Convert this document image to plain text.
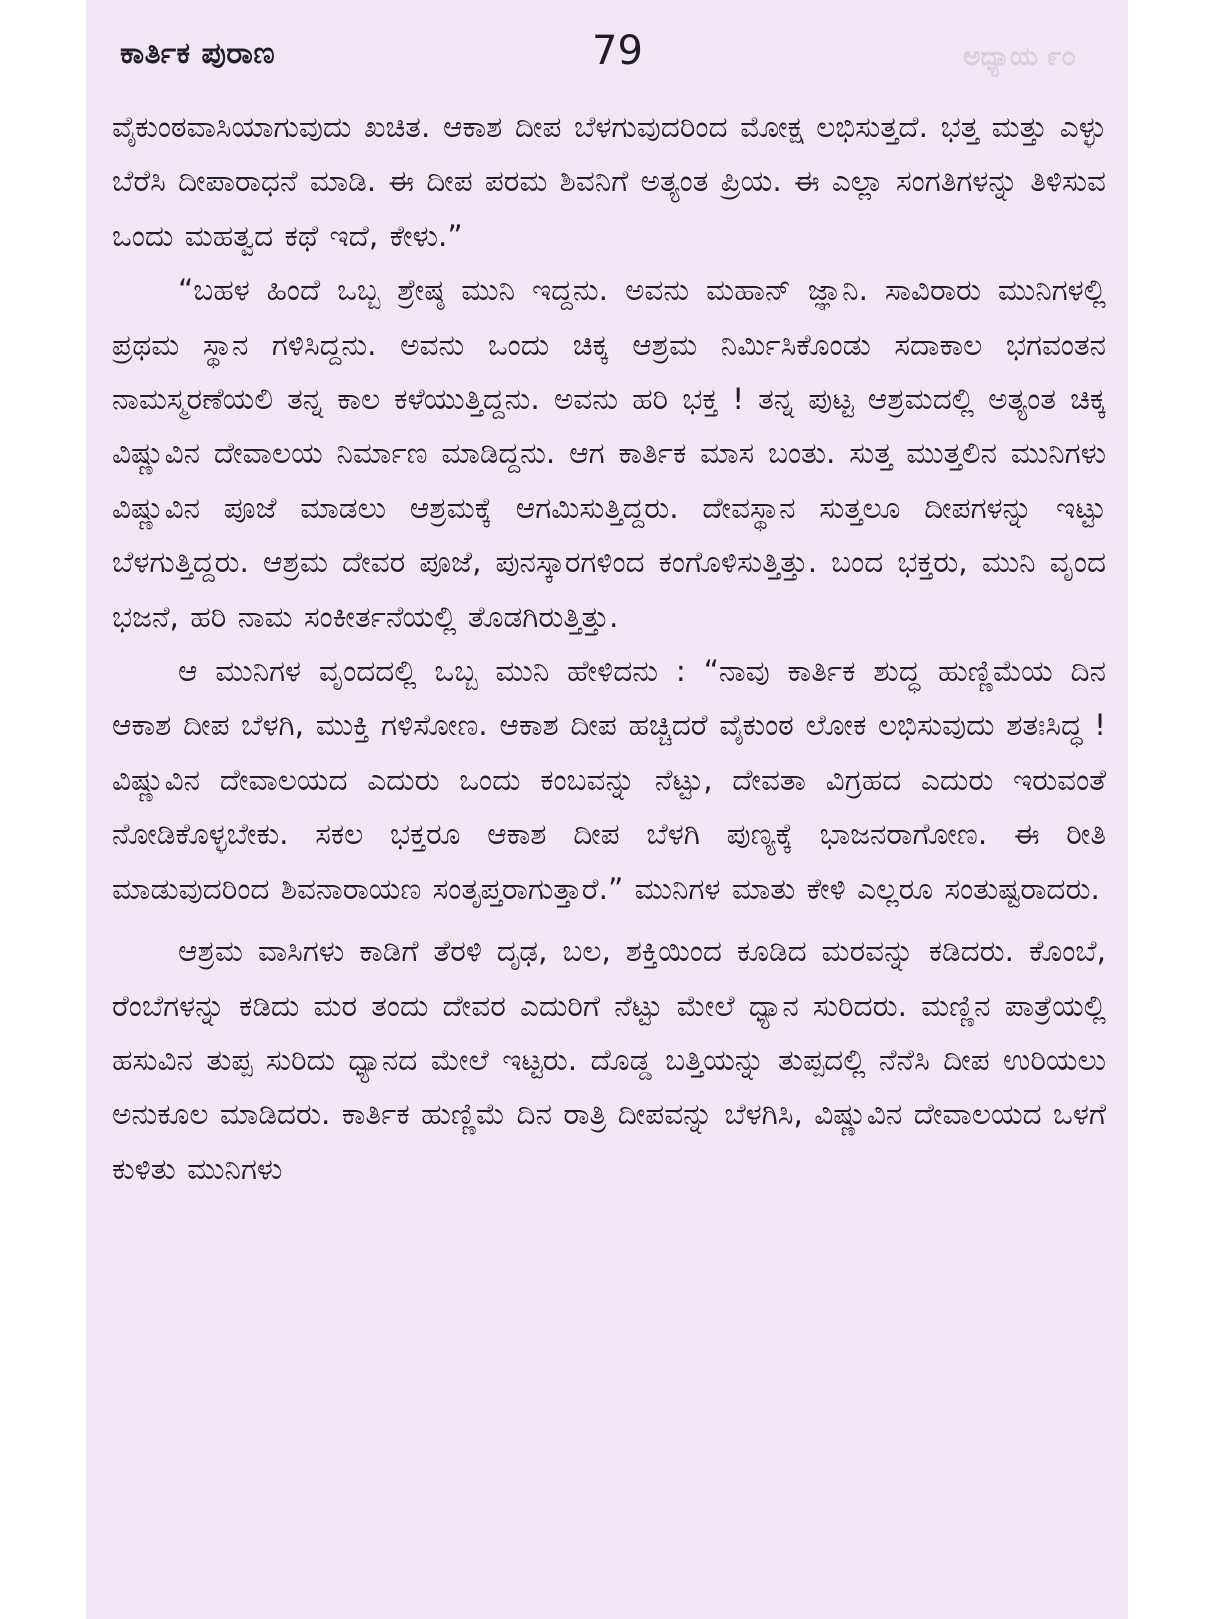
ಕಾರ್ತಿಕ ಪುರಾಣ	79	ಅಧ್ಯಾಯ ೯೦

ವೈಕುಂಠವಾಸಿಯಾಗುವುದು ಖಚಿತ. ಆಕಾಶ ದೀಪ ಬೆಳಗುವುದರಿಂದ ಮೋಕ್ಷ ಲಭಿಸುತ್ತದೆ. ಭತ್ತ ಮತ್ತು ಎಳ್ಳು ಬೆರೆಸಿ ದೀಪಾರಾಧನೆ ಮಾಡಿ. ಈ ದೀಪ ಪರಮ ಶಿವನಿಗೆ ಅತ್ಯಂತ ಪ್ರಿಯ. ಈ ಎಲ್ಲಾ ಸಂಗತಿಗಳನ್ನು ತಿಳಿಸುವ ಒಂದು ಮಹತ್ವದ ಕಥೆ ಇದೆ, ಕೇಳು.”

“ಬಹಳ ಹಿಂದೆ ಒಬ್ಬ ಶ್ರೇಷ್ಠ ಮುನಿ ಇದ್ದನು. ಅವನು ಮಹಾನ್ ಜ್ಞಾನಿ. ಸಾವಿರಾರು ಮುನಿಗಳಲ್ಲಿ ಪ್ರಥಮ ಸ್ಥಾನ ಗಳಿಸಿದ್ದನು. ಅವನು ಒಂದು ಚಿಕ್ಕ ಆಶ್ರಮ ನಿರ್ಮಿಸಿಕೊಂಡು ಸದಾಕಾಲ ಭಗವಂತನ ನಾಮಸ್ಮರಣೆಯಲಿ ತನ್ನ ಕಾಲ ಕಳೆಯುತ್ತಿದ್ದನು. ಅವನು ಹರಿ ಭಕ್ತ ! ತನ್ನ ಪುಟ್ಟ ಆಶ್ರಮದಲ್ಲಿ ಅತ್ಯಂತ ಚಿಕ್ಕ ವಿಷ್ಣುವಿನ ದೇವಾಲಯ ನಿರ್ಮಾಣ ಮಾಡಿದ್ದನು. ಆಗ ಕಾರ್ತಿಕ ಮಾಸ ಬಂತು. ಸುತ್ತ ಮುತ್ತಲಿನ ಮುನಿಗಳು ವಿಷ್ಣುವಿನ ಪೂಜೆ ಮಾಡಲು ಆಶ್ರಮಕ್ಕೆ ಆಗಮಿಸುತ್ತಿದ್ದರು. ದೇವಸ್ಥಾನ ಸುತ್ತಲೂ ದೀಪಗಳನ್ನು ಇಟ್ಟು ಬೆಳಗುತ್ತಿದ್ದರು. ಆಶ್ರಮ ದೇವರ ಪೂಜೆ, ಪುನಸ್ಕಾರಗಳಿಂದ ಕಂಗೊಳಿಸುತ್ತಿತ್ತು. ಬಂದ ಭಕ್ತರು, ಮುನಿ ವೃಂದ ಭಜನೆ, ಹರಿ ನಾಮ ಸಂಕೀರ್ತನೆಯಲ್ಲಿ ತೊಡಗಿರುತ್ತಿತ್ತು.

ಆ ಮುನಿಗಳ ವೃಂದದಲ್ಲಿ ಒಬ್ಬ ಮುನಿ ಹೇಳಿದನು : “ನಾವು ಕಾರ್ತಿಕ ಶುದ್ಧ ಹುಣ್ಣಿಮೆಯ ದಿನ ಆಕಾಶ ದೀಪ ಬೆಳಗಿ, ಮುಕ್ತಿ ಗಳಿಸೋಣ. ಆಕಾಶ ದೀಪ ಹಚ್ಚಿದರೆ ವೈಕುಂಠ ಲೋಕ ಲಭಿಸುವುದು ಶತಃಸಿದ್ಧ ! ವಿಷ್ಣುವಿನ ದೇವಾಲಯದ ಎದುರು ಒಂದು ಕಂಬವನ್ನು ನೆಟ್ಟು, ದೇವತಾ ವಿಗ್ರಹದ ಎದುರು ಇರುವಂತೆ ನೋಡಿಕೊಳ್ಳಬೇಕು. ಸಕಲ ಭಕ್ತರೂ ಆಕಾಶ ದೀಪ ಬೆಳಗಿ ಪುಣ್ಯಕ್ಕೆ ಭಾಜನರಾಗೋಣ. ಈ ರೀತಿ ಮಾಡುವುದರಿಂದ ಶಿವನಾರಾಯಣ ಸಂತೃಪ್ತರಾಗುತ್ತಾರೆ.” ಮುನಿಗಳ ಮಾತು ಕೇಳಿ ಎಲ್ಲರೂ ಸಂತುಷ್ಟರಾದರು.

ಆಶ್ರಮ ವಾಸಿಗಳು ಕಾಡಿಗೆ ತೆರಳಿ ದೃಢ, ಬಲ, ಶಕ್ತಿಯಿಂದ ಕೂಡಿದ ಮರವನ್ನು ಕಡಿದರು. ಕೊಂಬೆ, ರೆಂಬೆಗಳನ್ನು ಕಡಿದು ಮರ ತಂದು ದೇವರ ಎದುರಿಗೆ ನೆಟ್ಟು ಮೇಲೆ ಧ್ಯಾನ ಸುರಿದರು. ಮಣ್ಣಿನ ಪಾತ್ರೆಯಲ್ಲಿ ಹಸುವಿನ ತುಪ್ಪ ಸುರಿದು ಧ್ಯಾನದ ಮೇಲೆ ಇಟ್ಟರು. ದೊಡ್ಡ ಬತ್ತಿಯನ್ನು ತುಪ್ಪದಲ್ಲಿ ನೆನೆಸಿ ದೀಪ ಉರಿಯಲು ಅನುಕೂಲ ಮಾಡಿದರು. ಕಾರ್ತಿಕ ಹುಣ್ಣಿಮೆ ದಿನ ರಾತ್ರಿ ದೀಪವನ್ನು ಬೆಳಗಿಸಿ, ವಿಷ್ಣುವಿನ ದೇವಾಲಯದ ಒಳಗೆ ಕುಳಿತು ಮುನಿಗಳು
